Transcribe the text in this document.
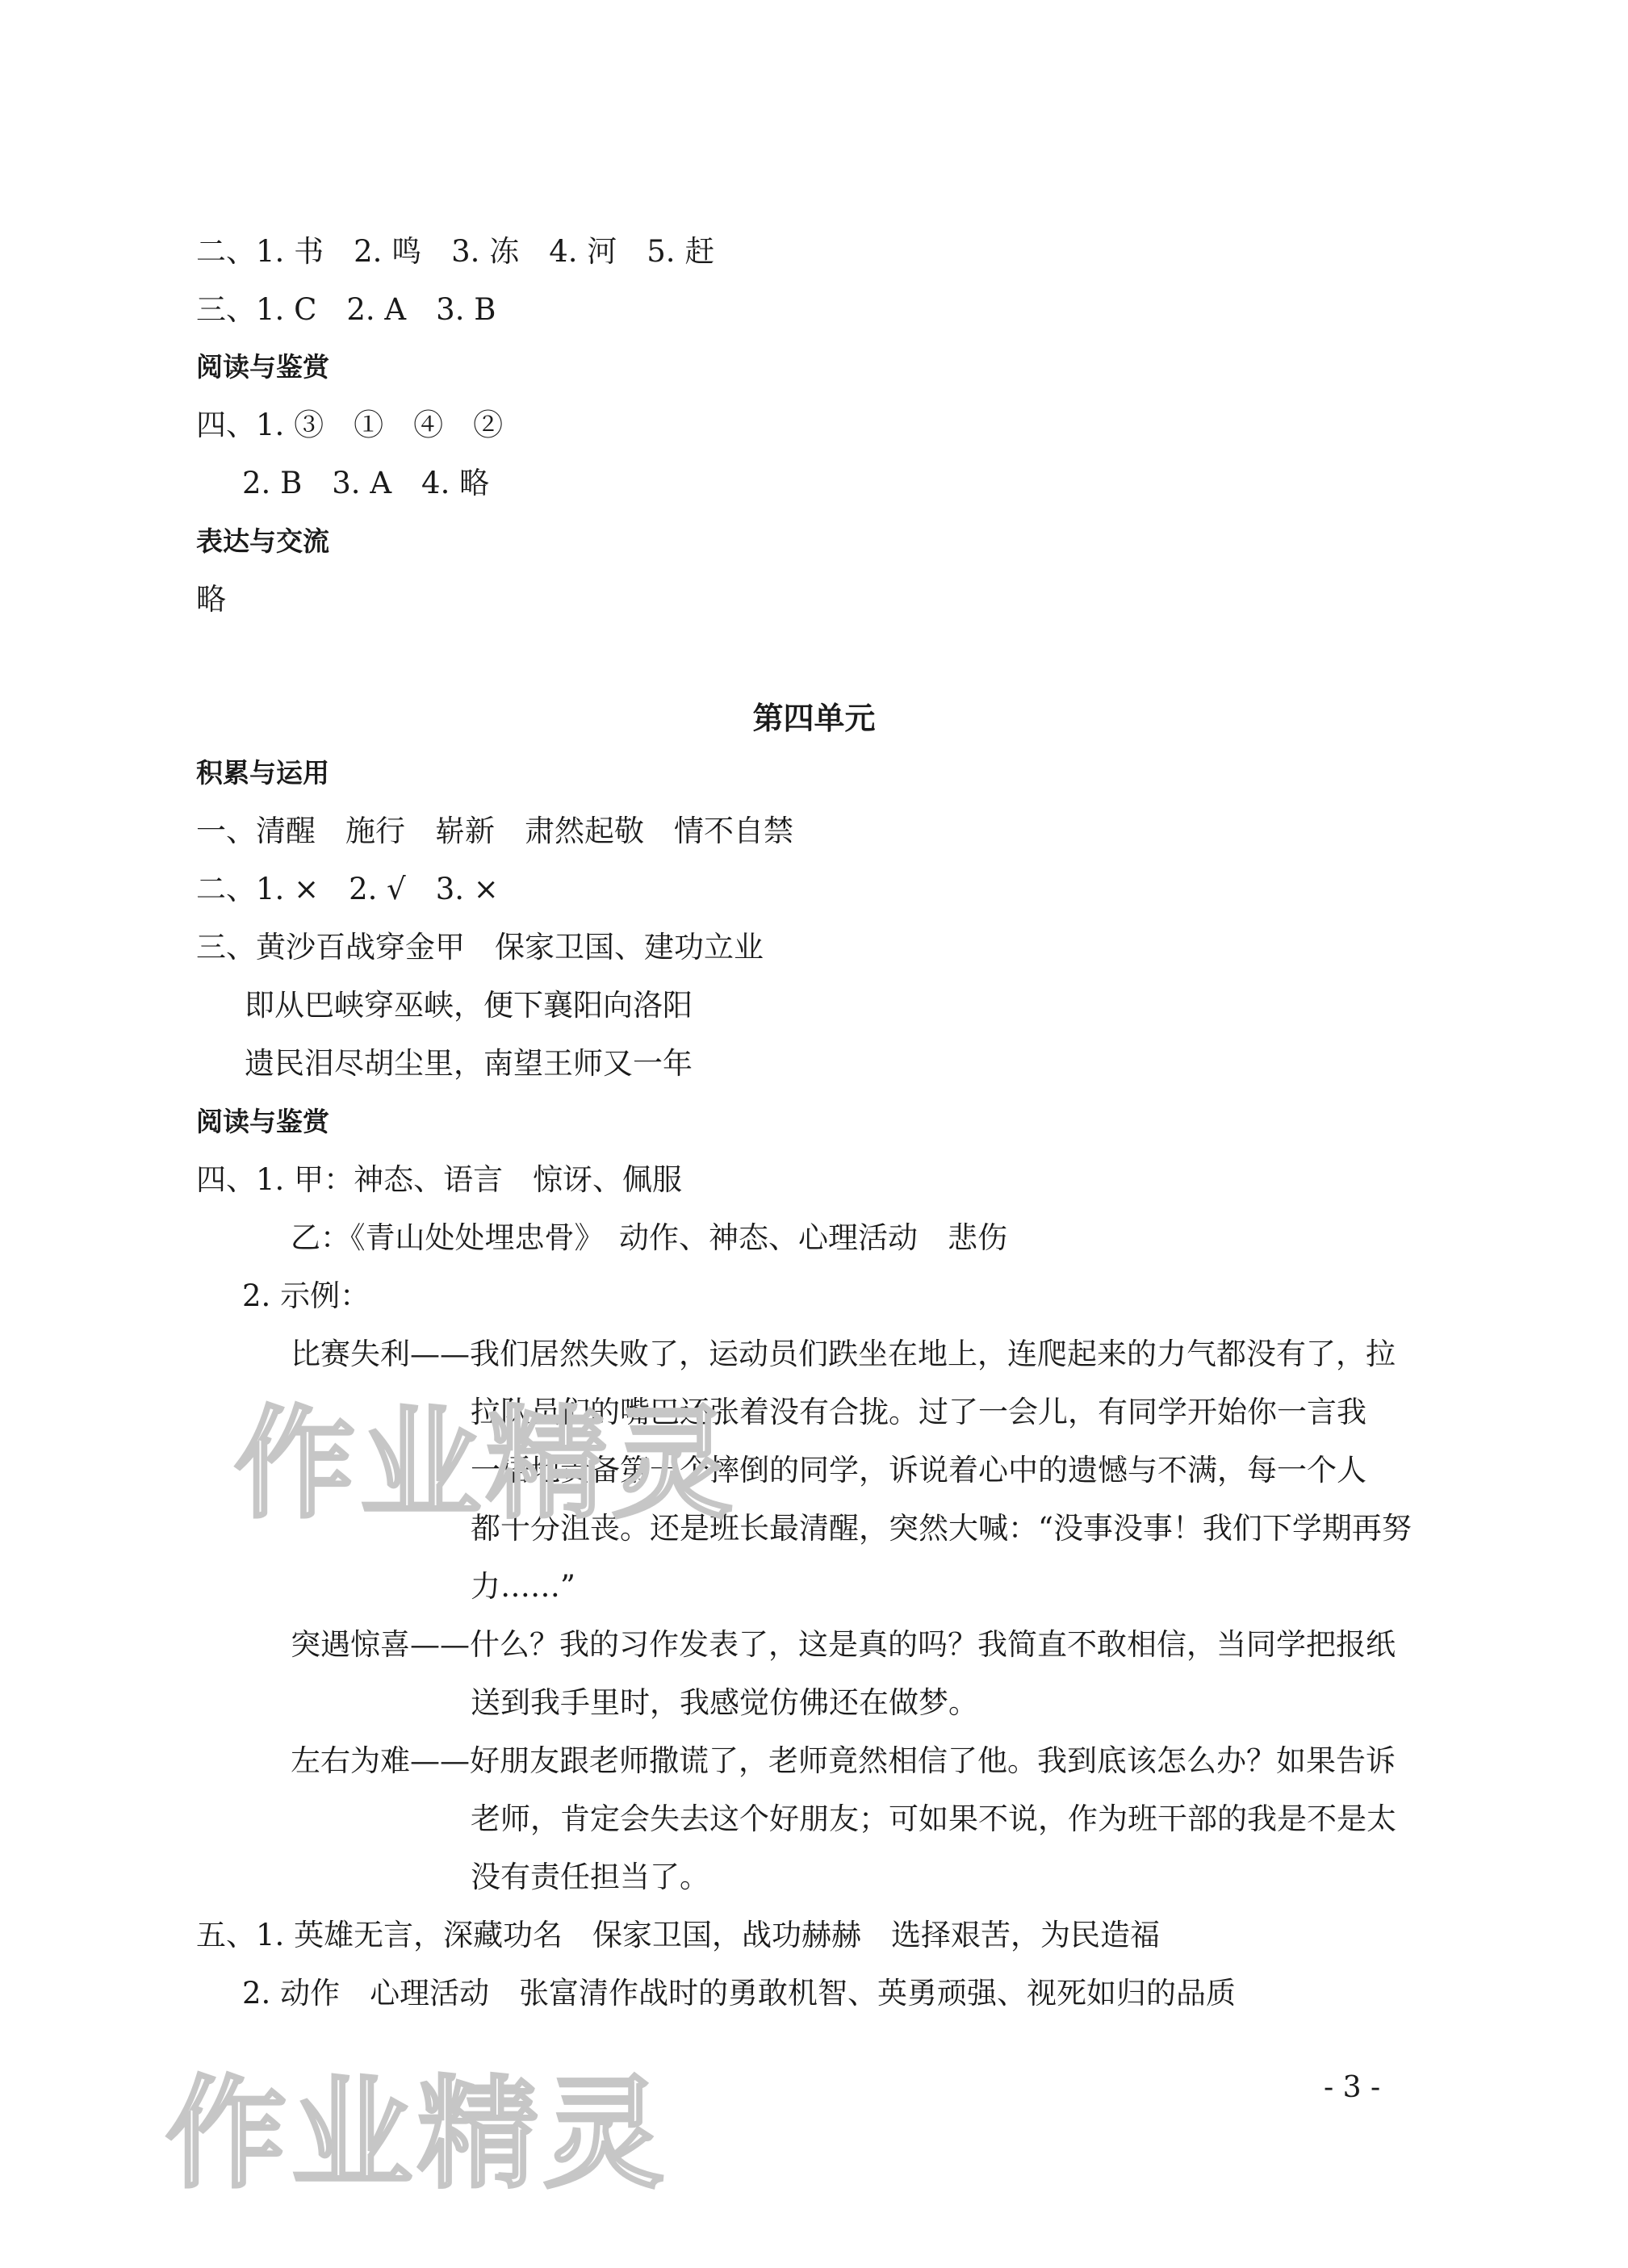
二、1. 书　2. 鸣　3. 冻　4. 河　5. 赶
三、1. C　2. A　3. B
阅读与鉴赏
四、1. ③　①　④　②
2. B　3. A　4. 略
表达与交流
略
第四单元
积累与运用
一、清醒　施行　崭新　肃然起敬　情不自禁
二、1. ×　2. √　3. ×
三、黄沙百战穿金甲　保家卫国、建功立业
即从巴峡穿巫峡，便下襄阳向洛阳
遗民泪尽胡尘里，南望王师又一年
阅读与鉴赏
四、1. 甲：神态、语言　惊讶、佩服
乙：《青山处处埋忠骨》　动作、神态、心理活动　悲伤
2. 示例：
比赛失利——我们居然失败了，运动员们跌坐在地上，连爬起来的力气都没有了，拉
拉队员们的嘴巴还张着没有合拢。过了一会儿，有同学开始你一言我
一语地责备第一个摔倒的同学，诉说着心中的遗憾与不满，每一个人
都十分沮丧。还是班长最清醒，突然大喊：“没事没事！我们下学期再努
力……”
突遇惊喜——什么？我的习作发表了，这是真的吗？我简直不敢相信，当同学把报纸
送到我手里时，我感觉仿佛还在做梦。
左右为难——好朋友跟老师撒谎了，老师竟然相信了他。我到底该怎么办？如果告诉
老师，肯定会失去这个好朋友；可如果不说，作为班干部的我是不是太
没有责任担当了。
五、1. 英雄无言，深藏功名　保家卫国，战功赫赫　选择艰苦，为民造福
2. 动作　心理活动　张富清作战时的勇敢机智、英勇顽强、视死如归的品质
- 3 -
作业精灵
作业精灵
